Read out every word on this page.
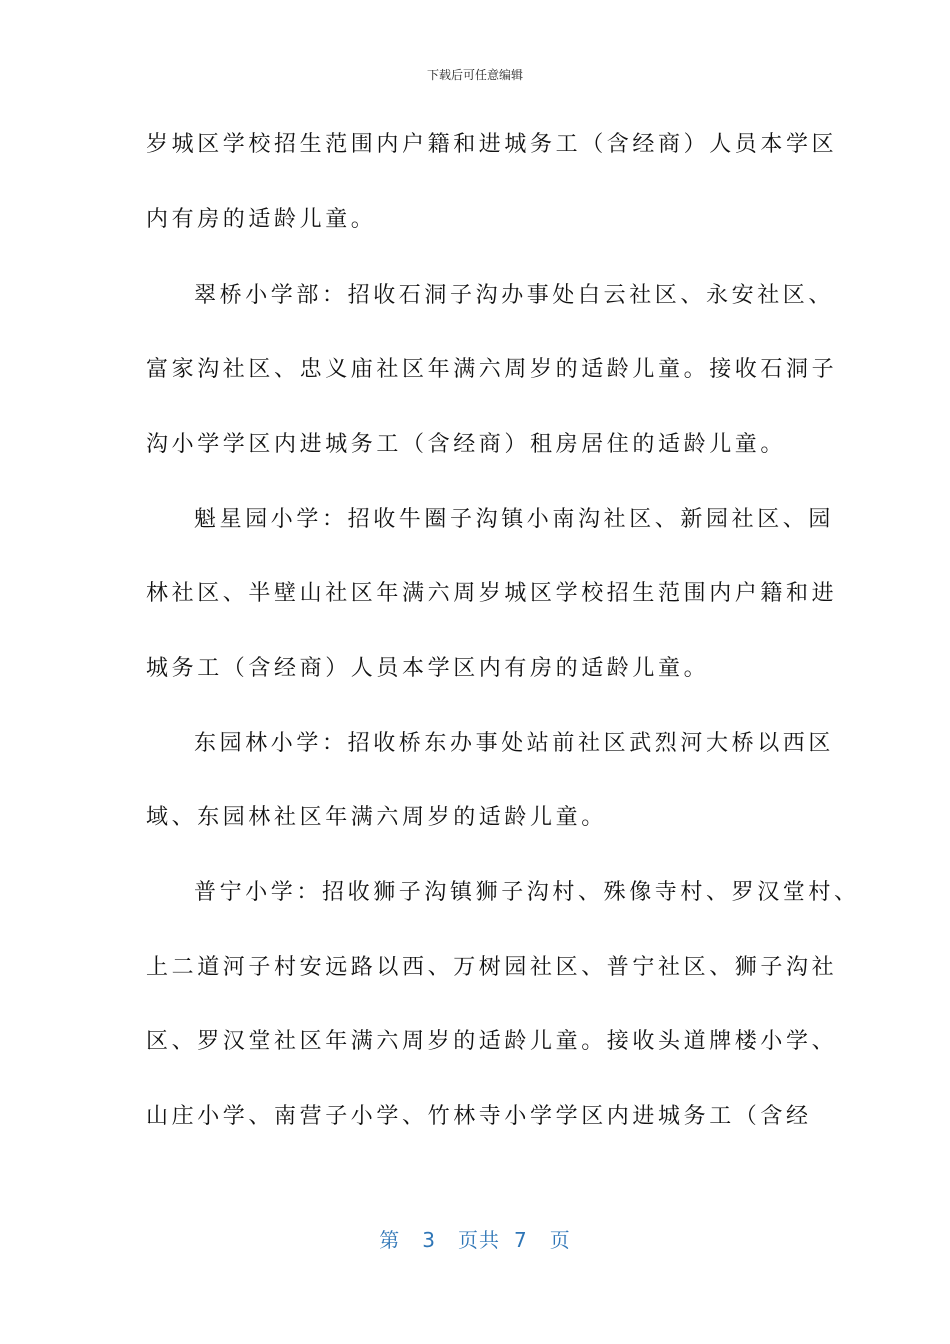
下载后可任意编辑
岁城区学校招生范围内户籍和进城务工（含经商）人员本学区
内有房的适龄儿童。
翠桥小学部：招收石洞子沟办事处白云社区、永安社区、
富家沟社区、忠义庙社区年满六周岁的适龄儿童。接收石洞子
沟小学学区内进城务工（含经商）租房居住的适龄儿童。
魁星园小学：招收牛圈子沟镇小南沟社区、新园社区、园
林社区、半壁山社区年满六周岁城区学校招生范围内户籍和进
城务工（含经商）人员本学区内有房的适龄儿童。
东园林小学：招收桥东办事处站前社区武烈河大桥以西区
域、东园林社区年满六周岁的适龄儿童。
普宁小学：招收狮子沟镇狮子沟村、殊像寺村、罗汉堂村、
上二道河子村安远路以西、万树园社区、普宁社区、狮子沟社
区、罗汉堂社区年满六周岁的适龄儿童。接收头道牌楼小学、
山庄小学、南营子小学、竹林寺小学学区内进城务工（含经
第 3 页共 7 页
